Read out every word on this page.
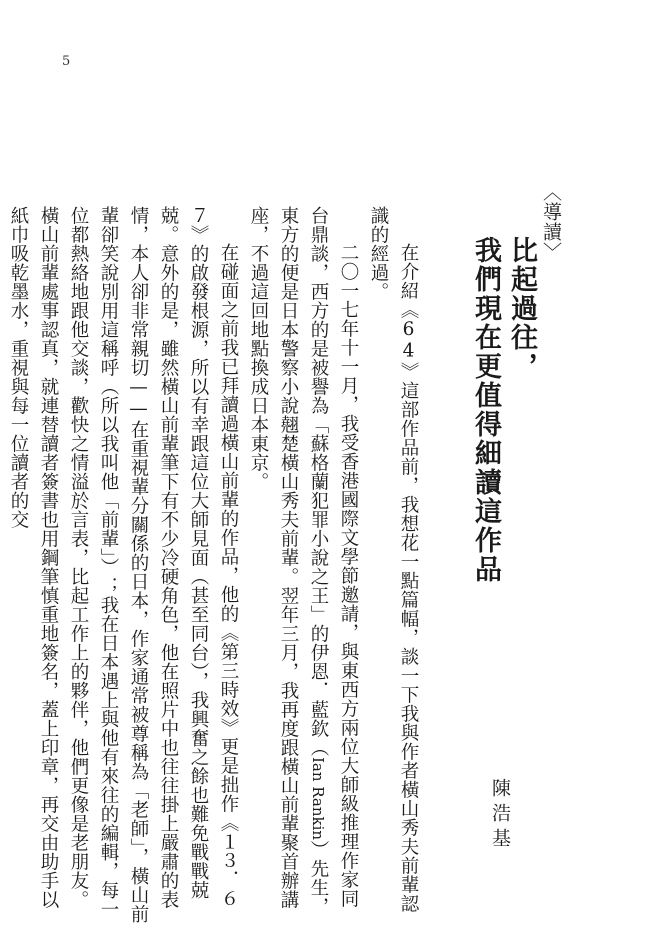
5
〈導讀〉
比起過往，
我們現在更值得細讀這作品
陳浩基

在介紹《64》這部作品前，我想花一點篇幅，談一下我與作者橫山秀夫前輩認識的經過。

二〇一七年十一月，我受香港國際文學節邀請，與東西方兩位大師級推理作家同台鼎談，西方的是被譽為「蘇格蘭犯罪小說之王」的伊恩．藍欽（Ian Rankin）先生，東方的便是日本警察小說翹楚橫山秀夫前輩。翌年三月，我再度跟橫山前輩聚首辦講座，不過這回地點換成日本東京。

在碰面之前我已拜讀過橫山前輩的作品，他的《第三時效》更是拙作《１３．６７》的啟發根源，所以有幸跟這位大師見面（甚至同台），我興奮之餘也難免戰戰兢兢。意外的是，雖然橫山前輩筆下有不少冷硬角色，他在照片中也往往掛上嚴肅的表情，本人卻非常親切——在重視輩分關係的日本，作家通常被尊稱為「老師」，橫山前輩卻笑說別用這稱呼（所以我叫他「前輩」）；我在日本遇上與他有來往的編輯，每一位都熱絡地跟他交談，歡快之情溢於言表，比起工作上的夥伴，他們更像是老朋友。橫山前輩處事認真，就連替讀者簽書也用鋼筆慎重地簽名，蓋上印章，再交由助手以紙巾吸乾墨水，重視與每一位讀者的交
